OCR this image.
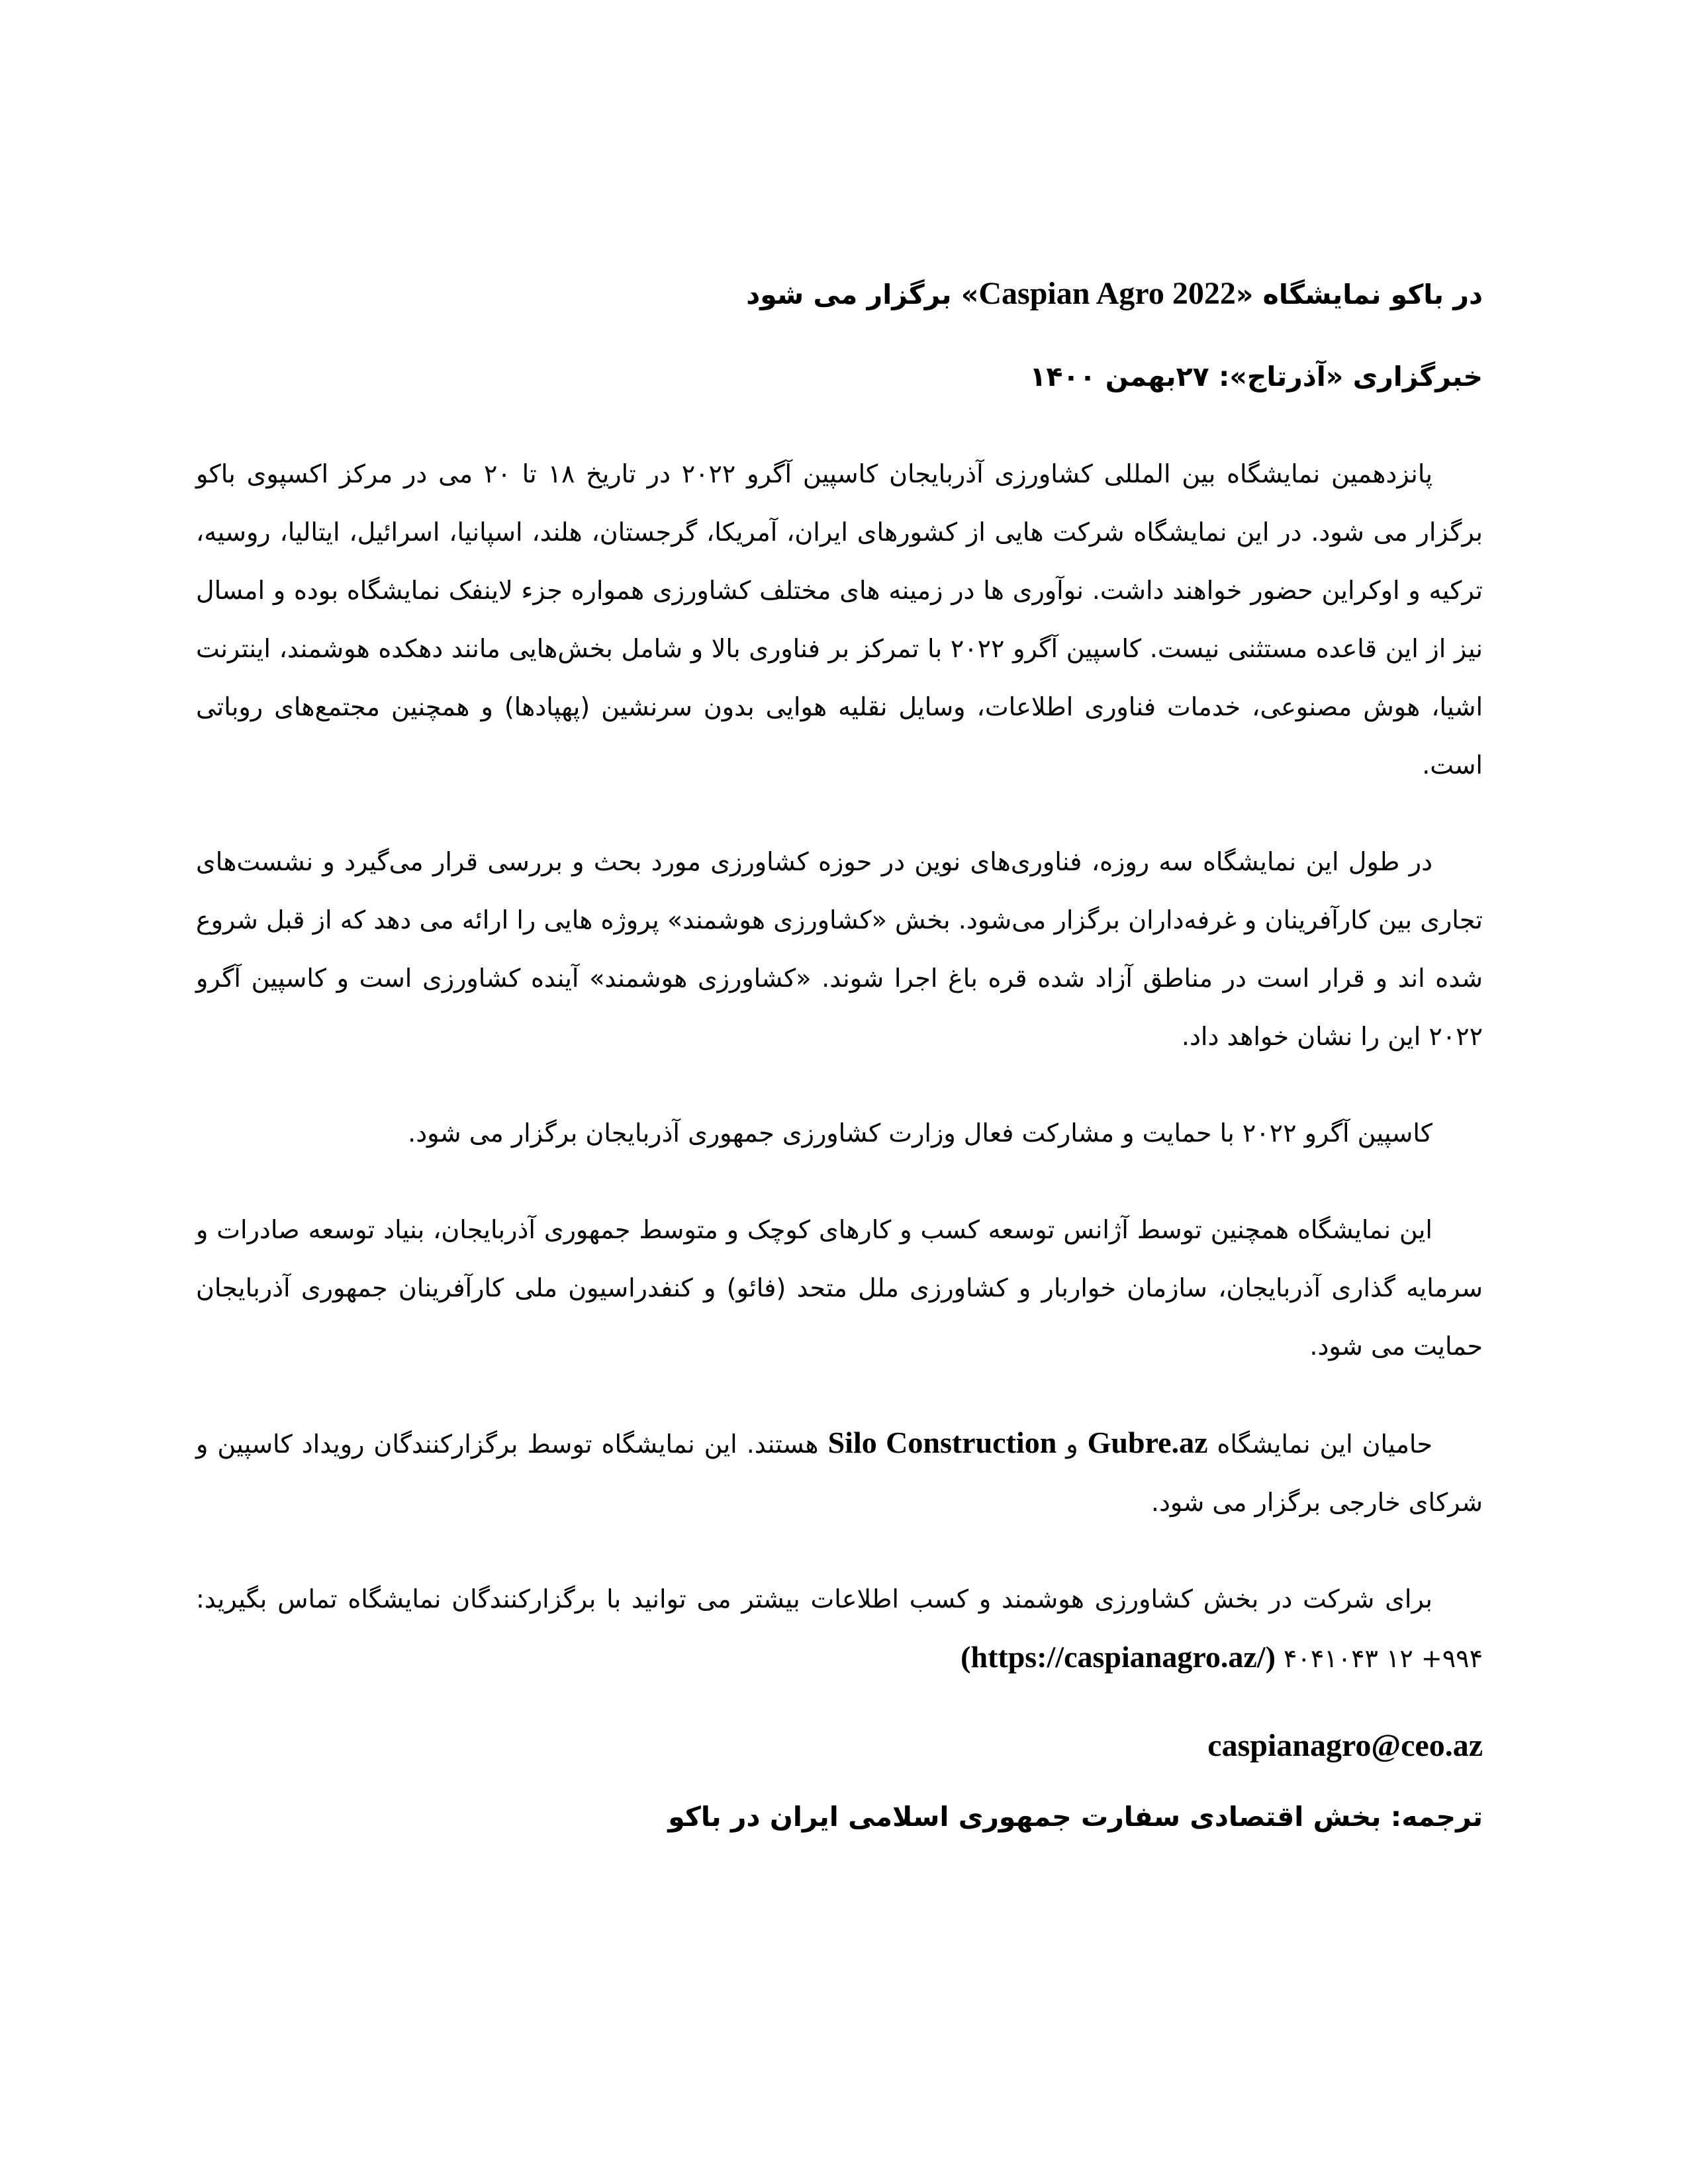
در باکو نمایشگاه «Caspian Agro 2022» برگزار می شود
خبرگزاری «آذرتاج»: ۲۷بهمن ۱۴۰۰

پانزدهمین نمایشگاه بین المللی کشاورزی آذربایجان کاسپین آگرو ۲۰۲۲ در تاریخ ۱۸ تا ۲۰ می در مرکز اکسپوی باکو برگزار می شود. در این نمایشگاه شرکت هایی از کشورهای ایران، آمریکا، گرجستان، هلند، اسپانیا، اسرائیل، ایتالیا، روسیه، ترکیه و اوکراین حضور خواهند داشت. نوآوری ها در زمینه های مختلف کشاورزی همواره جزء لاینفک نمایشگاه بوده و امسال نیز از این قاعده مستثنی نیست. کاسپین آگرو ۲۰۲۲ با تمرکز بر فناوری بالا و شامل بخش‌هایی مانند دهکده هوشمند، اینترنت اشیا، هوش مصنوعی، خدمات فناوری اطلاعات، وسایل نقلیه هوایی بدون سرنشین (پهپادها) و همچنین مجتمع‌های روباتی است.

در طول این نمایشگاه سه روزه، فناوری‌های نوین در حوزه کشاورزی مورد بحث و بررسی قرار می‌گیرد و نشست‌های تجاری بین کارآفرینان و غرفه‌داران برگزار می‌شود. بخش «کشاورزی هوشمند» پروژه هایی را ارائه می دهد که از قبل شروع شده اند و قرار است در مناطق آزاد شده قره باغ اجرا شوند. «کشاورزی هوشمند» آینده کشاورزی است و کاسپین آگرو ۲۰۲۲ این را نشان خواهد داد.

کاسپین آگرو ۲۰۲۲ با حمایت و مشارکت فعال وزارت کشاورزی جمهوری آذربایجان برگزار می شود.

این نمایشگاه همچنین توسط آژانس توسعه کسب و کارهای کوچک و متوسط جمهوری آذربایجان، بنیاد توسعه صادرات و سرمایه گذاری آذربایجان، سازمان خواربار و کشاورزی ملل متحد (فائو) و کنفدراسیون ملی کارآفرینان جمهوری آذربایجان حمایت می شود.

حامیان این نمایشگاه Gubre.az و Silo Construction هستند. این نمایشگاه توسط برگزارکنندگان رویداد کاسپین و شرکای خارجی برگزار می شود.

برای شرکت در بخش کشاورزی هوشمند و کسب اطلاعات بیشتر می توانید با برگزارکنندگان نمایشگاه تماس بگیرید: ۹۹۴+ ۱۲ ۴۰۴۱۰۴۳ (https://caspianagro.az/)

caspianagro@ceo.az
ترجمه: بخش اقتصادی سفارت جمهوری اسلامی ایران در باکو
